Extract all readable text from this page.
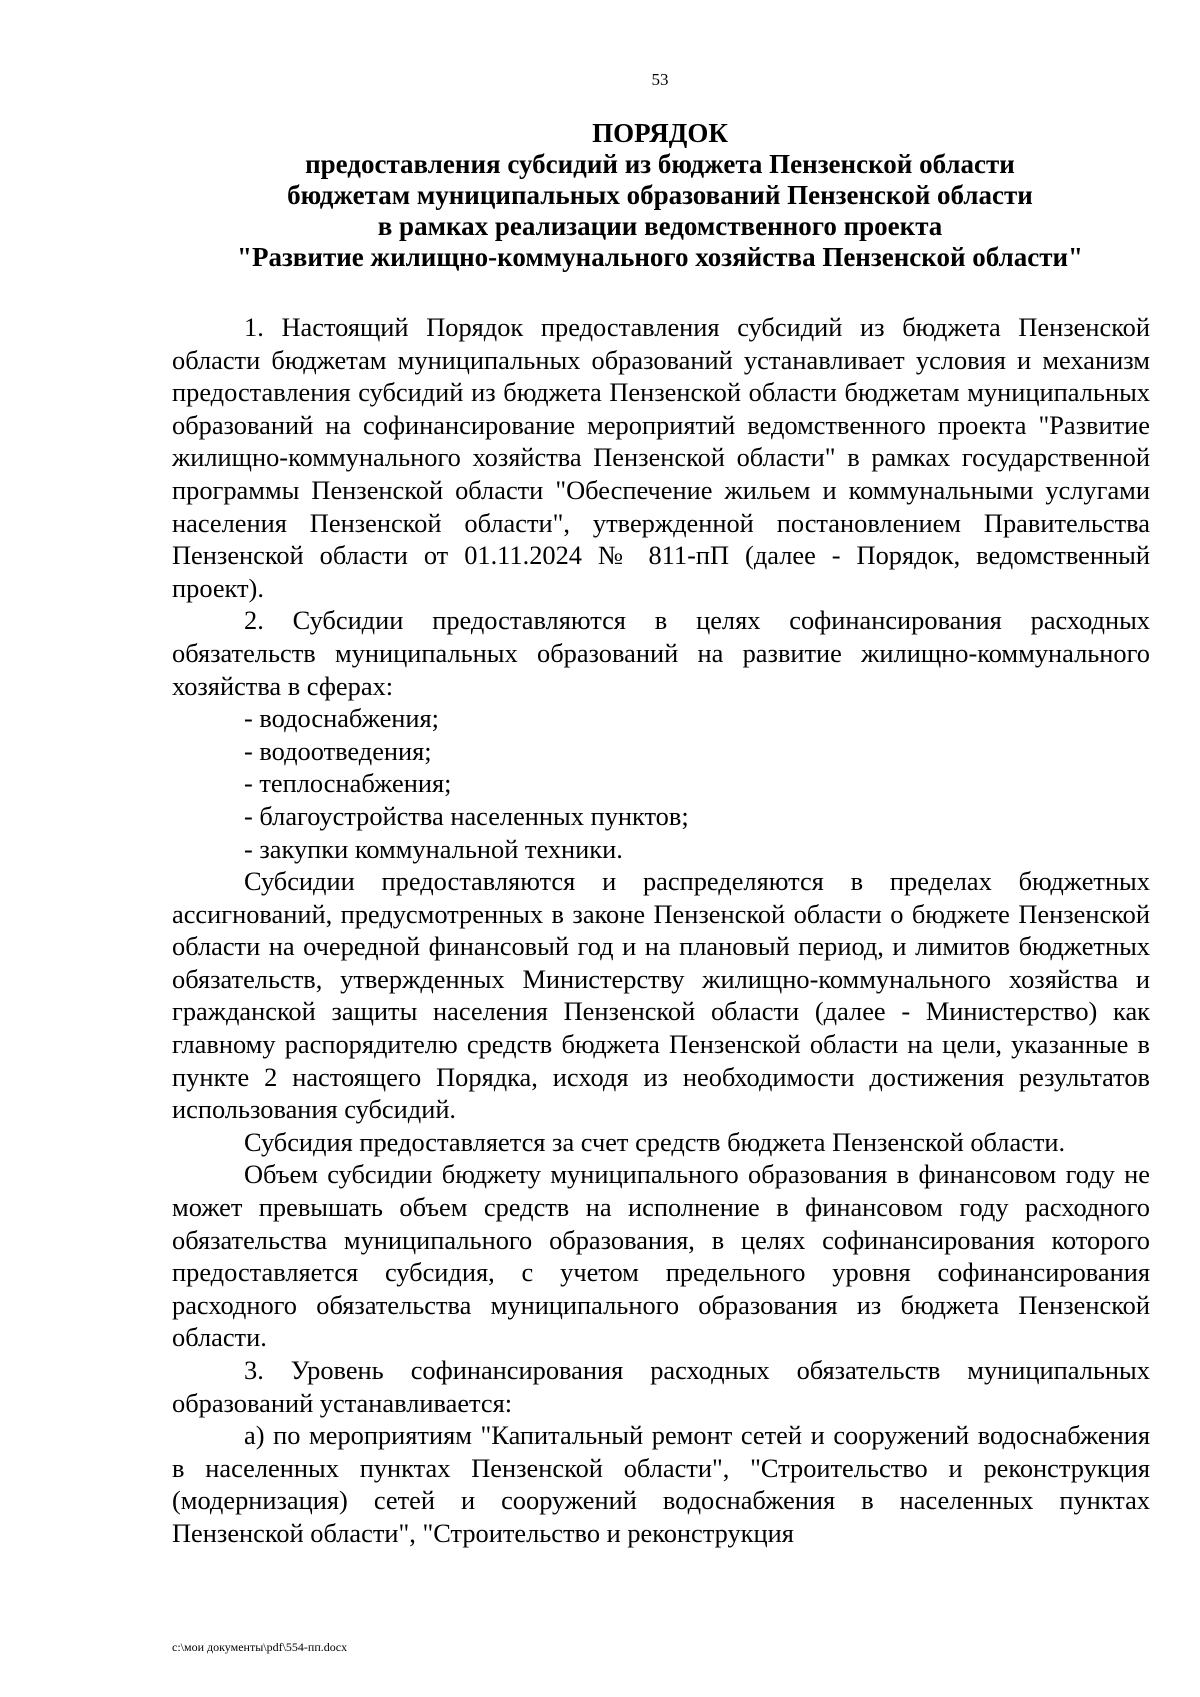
53
ПОРЯДОК
предоставления субсидий из бюджета Пензенской области
бюджетам муниципальных образований Пензенской области
в рамках реализации ведомственного проекта
"Развитие жилищно-коммунального хозяйства Пензенской области"

1. Настоящий Порядок предоставления субсидий из бюджета Пензенской области бюджетам муниципальных образований устанавливает условия и механизм предоставления субсидий из бюджета Пензенской области бюджетам муниципальных образований на софинансирование мероприятий ведомственного проекта "Развитие жилищно-коммунального хозяйства Пензенской области" в рамках государственной программы Пензенской области "Обеспечение жильем и коммунальными услугами населения Пензенской области", утвержденной постановлением Правительства Пензенской области от 01.11.2024 № 811-пП (далее - Порядок, ведомственный проект).

2. Субсидии предоставляются в целях софинансирования расходных обязательств муниципальных образований на развитие жилищно-коммунального хозяйства в сферах:

- водоснабжения;

- водоотведения;

- теплоснабжения;

- благоустройства населенных пунктов;

- закупки коммунальной техники.

Субсидии предоставляются и распределяются в пределах бюджетных ассигнований, предусмотренных в законе Пензенской области о бюджете Пензенской области на очередной финансовый год и на плановый период, и лимитов бюджетных обязательств, утвержденных Министерству жилищно-коммунального хозяйства и гражданской защиты населения Пензенской области (далее - Министерство) как главному распорядителю средств бюджета Пензенской области на цели, указанные в пункте 2 настоящего Порядка, исходя из необходимости достижения результатов использования субсидий.

Субсидия предоставляется за счет средств бюджета Пензенской области.

Объем субсидии бюджету муниципального образования в финансовом году не может превышать объем средств на исполнение в финансовом году расходного обязательства муниципального образования, в целях софинансирования которого предоставляется субсидия, с учетом предельного уровня софинансирования расходного обязательства муниципального образования из бюджета Пензенской области.

3. Уровень софинансирования расходных обязательств муниципальных образований устанавливается:

а) по мероприятиям "Капитальный ремонт сетей и сооружений водоснабжения в населенных пунктах Пензенской области", "Строительство и реконструкция (модернизация) сетей и сооружений водоснабжения в населенных пунктах Пензенской области", "Строительство и реконструкция

c:\мои документы\pdf\554-пп.docx
